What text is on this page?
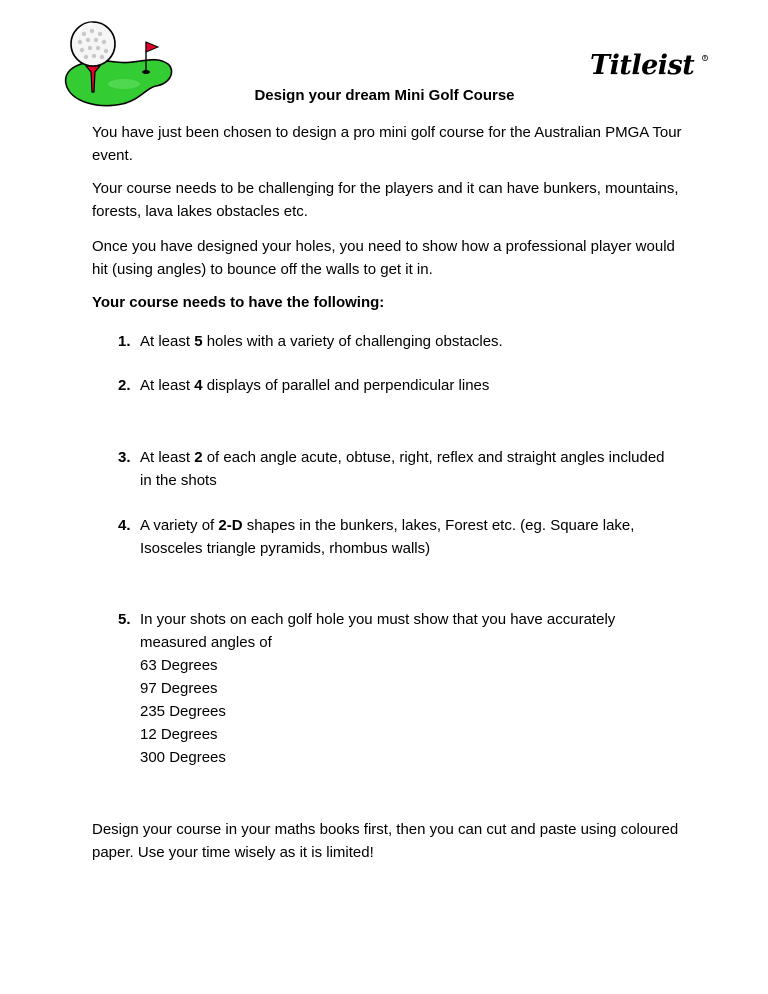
Titleist R
Design your dream Mini Golf Course

You have just been chosen to design a pro mini golf course for the Australian PMGA Tour event.

Your course needs to be challenging for the players and it can have bunkers, mountains, forests, lava lakes obstacles etc.

Once you have designed your holes, you need to show how a professional player would hit (using angles) to bounce off the walls to get it in.

Your course needs to have the following:

1. At least 5 holes with a variety of challenging obstacles.
2. At least 4 displays of parallel and perpendicular lines
3. At least 2 of each angle acute, obtuse, right, reflex and straight angles included in the shots
4. A variety of 2-D shapes in the bunkers, lakes, Forest etc. (eg. Square lake, Isosceles triangle pyramids, rhombus walls)
5. In your shots on each golf hole you must show that you have accurately measured angles of
63 Degrees
97 Degrees
235 Degrees
12 Degrees
300 Degrees

Design your course in your maths books first, then you can cut and paste using coloured paper. Use your time wisely as it is limited!
